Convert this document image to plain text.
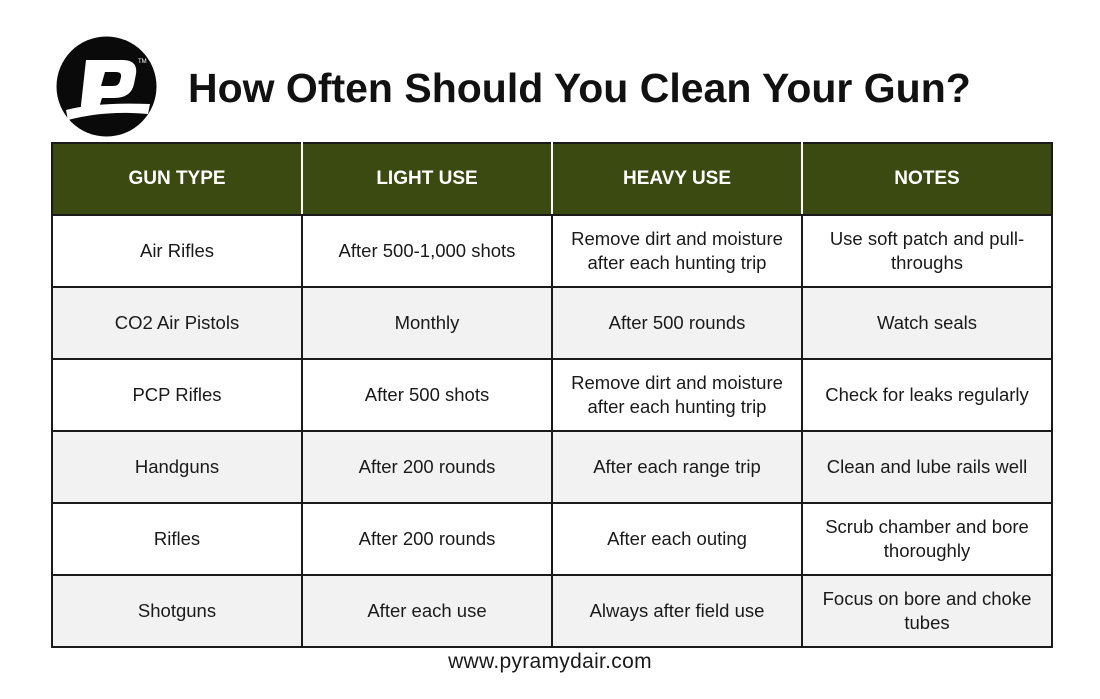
TM
How Often Should You Clean Your Gun?
GUN TYPE	LIGHT USE	HEAVY USE	NOTES
Air Rifles	After 500-1,000 shots	Remove dirt and moisture after each hunting trip	Use soft patch and pull-throughs
CO2 Air Pistols	Monthly	After 500 rounds	Watch seals
PCP Rifles	After 500 shots	Remove dirt and moisture after each hunting trip	Check for leaks regularly
Handguns	After 200 rounds	After each range trip	Clean and lube rails well
Rifles	After 200 rounds	After each outing	Scrub chamber and bore thoroughly
Shotguns	After each use	Always after field use	Focus on bore and choke tubes
www.pyramydair.com
